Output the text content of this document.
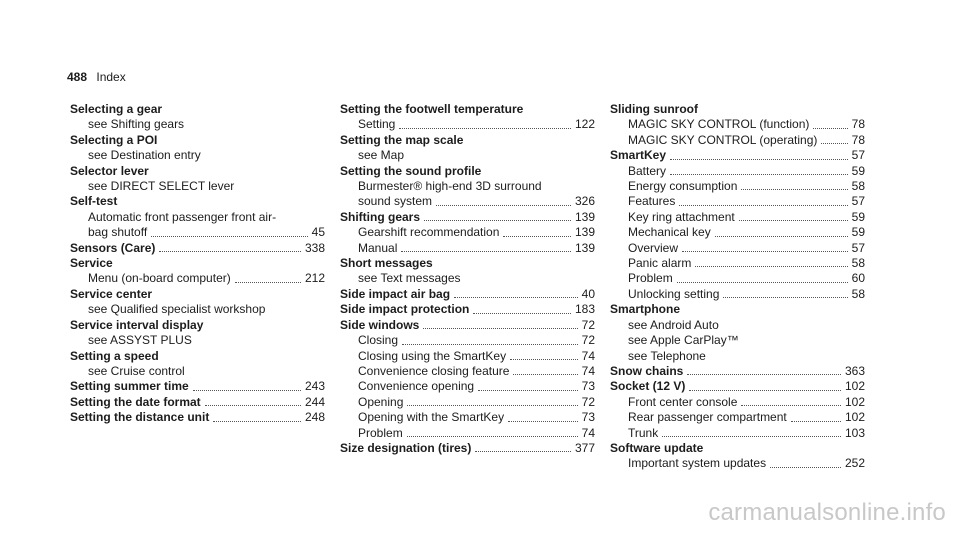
488 Index
Selecting a gear
see Shifting gears
Selecting a POI
see Destination entry
Selector lever
see DIRECT SELECT lever
Self-test
Automatic front passenger front air-
bag shutoff	45
Sensors (Care)	338
Service
Menu (on-board computer)	212
Service center
see Qualified specialist workshop
Service interval display
see ASSYST PLUS
Setting a speed
see Cruise control
Setting summer time	243
Setting the date format	244
Setting the distance unit	248
Setting the footwell temperature
Setting	122
Setting the map scale
see Map
Setting the sound profile
Burmester® high-end 3D surround
sound system	326
Shifting gears	139
Gearshift recommendation	139
Manual	139
Short messages
see Text messages
Side impact air bag	40
Side impact protection	183
Side windows	72
Closing	72
Closing using the SmartKey	74
Convenience closing feature	74
Convenience opening	73
Opening	72
Opening with the SmartKey	73
Problem	74
Size designation (tires)	377
Sliding sunroof
MAGIC SKY CONTROL (function)	78
MAGIC SKY CONTROL (operating)	78
SmartKey	57
Battery	59
Energy consumption	58
Features	57
Key ring attachment	59
Mechanical key	59
Overview	57
Panic alarm	58
Problem	60
Unlocking setting	58
Smartphone
see Android Auto
see Apple CarPlay™
see Telephone
Snow chains	363
Socket (12 V)	102
Front center console	102
Rear passenger compartment	102
Trunk	103
Software update
Important system updates	252
carmanualsonline.info
